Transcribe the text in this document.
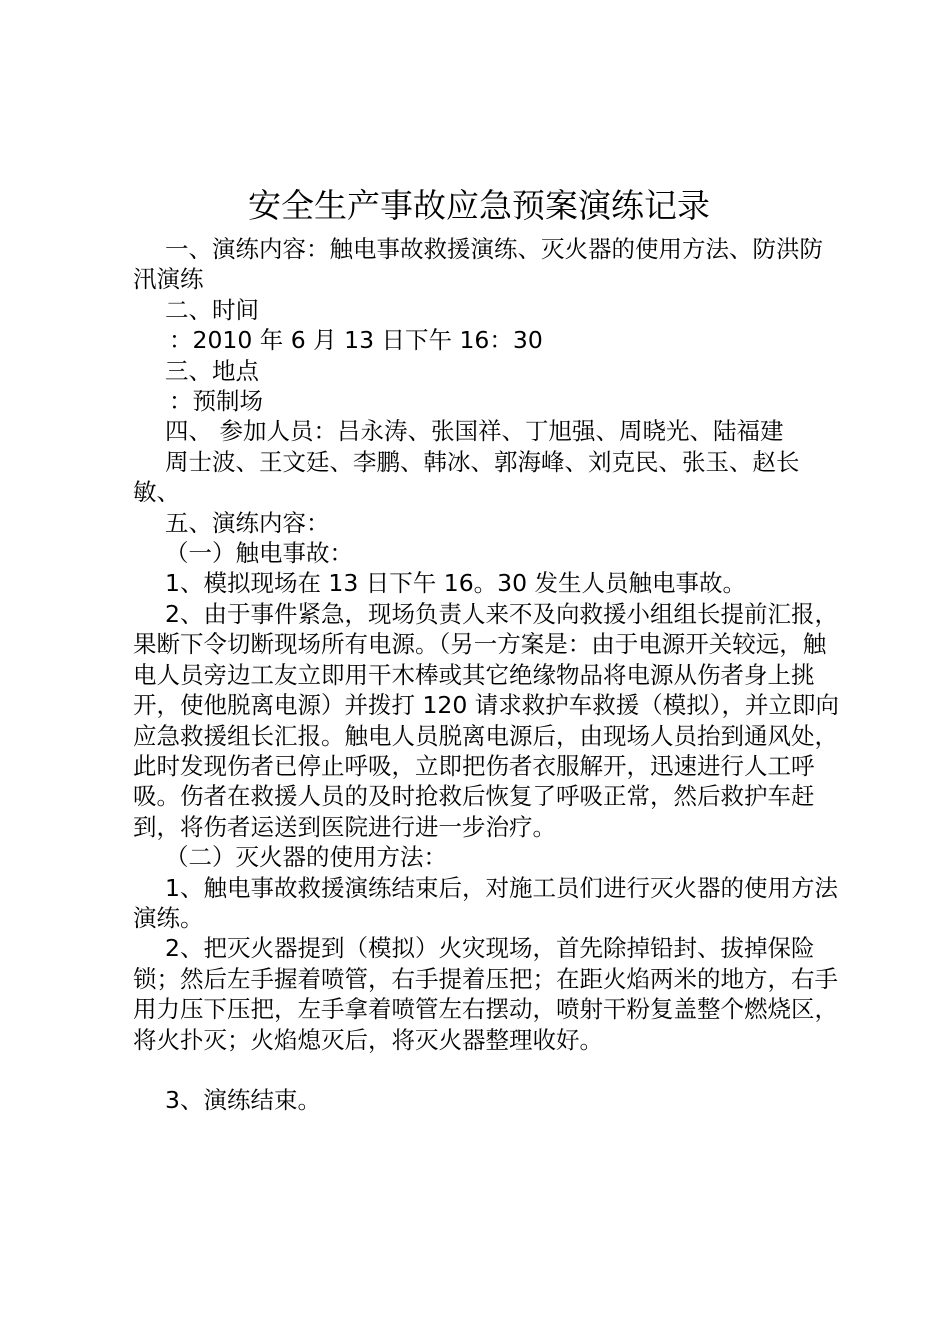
安全生产事故应急预案演练记录

一、演练内容：触电事故救援演练、灭火器的使用方法、防洪防汛演练

二、时间

：2010 年 6 月 13 日下午 16：30

三、地点

：预制场

四、 参加人员：吕永涛、张国祥、丁旭强、周晓光、陆福建

周士波、王文廷、李鹏、韩冰、郭海峰、刘克民、张玉、赵长敏、

五、演练内容：

（一）触电事故：

1、模拟现场在 13 日下午 16。30 发生人员触电事故。

2、由于事件紧急，现场负责人来不及向救援小组组长提前汇报，果断下令切断现场所有电源。（另一方案是：由于电源开关较远，触电人员旁边工友立即用干木棒或其它绝缘物品将电源从伤者身上挑开，使他脱离电源）并拨打 120 请求救护车救援（模拟），并立即向应急救援组长汇报。触电人员脱离电源后，由现场人员抬到通风处，此时发现伤者已停止呼吸，立即把伤者衣服解开，迅速进行人工呼吸。伤者在救援人员的及时抢救后恢复了呼吸正常，然后救护车赶到，将伤者运送到医院进行进一步治疗。

（二）灭火器的使用方法：

1、触电事故救援演练结束后，对施工员们进行灭火器的使用方法演练。

2、把灭火器提到（模拟）火灾现场，首先除掉铅封、拔掉保险锁；然后左手握着喷管，右手提着压把；在距火焰两米的地方，右手用力压下压把，左手拿着喷管左右摆动，喷射干粉复盖整个燃烧区，将火扑灭；火焰熄灭后，将灭火器整理收好。

3、演练结束。
